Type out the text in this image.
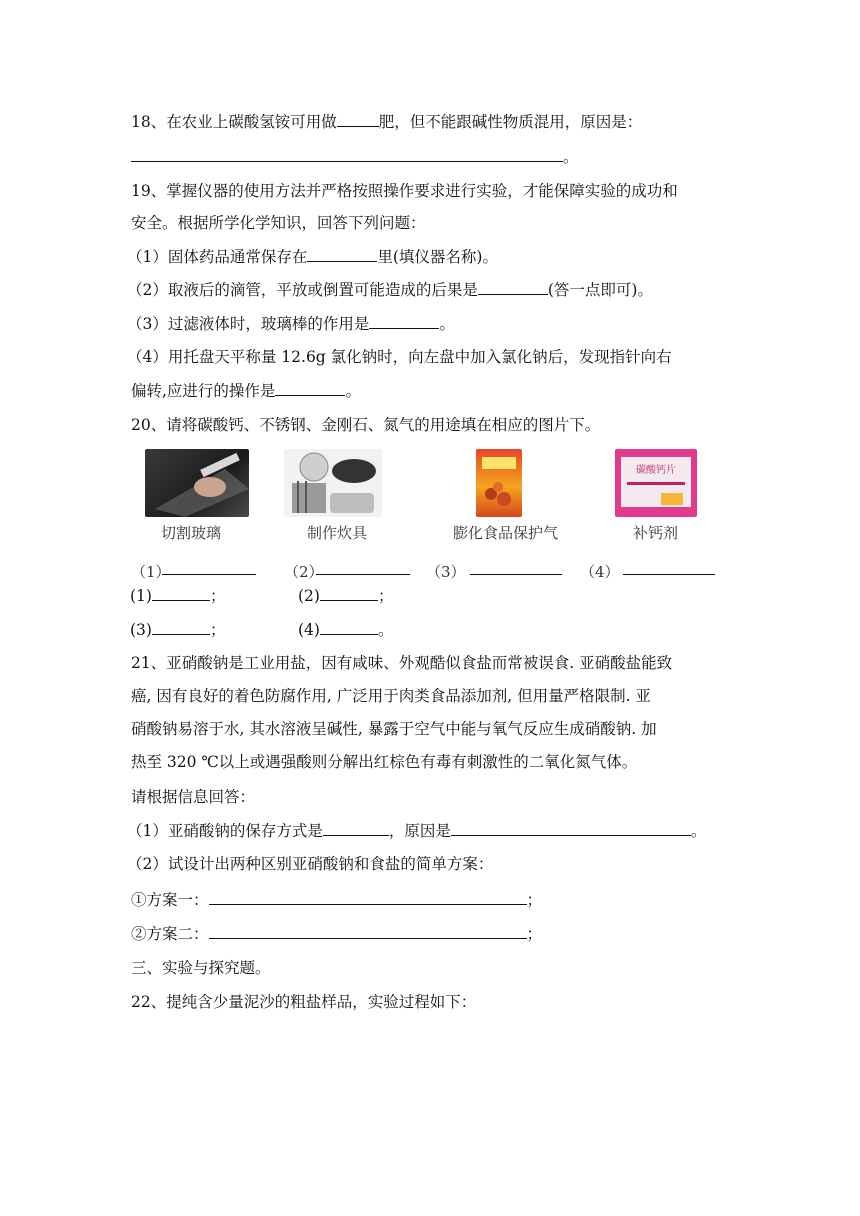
18、在农业上碳酸氢铵可用做	肥，但不能跟碱性物质混用，原因是：
。
19、掌握仪器的使用方法并严格按照操作要求进行实验，才能保障实验的成功和
安全。根据所学化学知识，回答下列问题：
（1）固体药品通常保存在	里(填仪器名称)。
（2）取液后的滴管，平放或倒置可能造成的后果是	(答一点即可)。
（3）过滤液体时，玻璃棒的作用是	。
（4）用托盘天平称量 12.6g 氯化钠时，向左盘中加入氯化钠后，发现指针向右
偏转,应进行的操作是	。
20、请将碳酸钙、不锈钢、金刚石、氮气的用途填在相应的图片下。
碳酸钙片
切割玻璃	制作炊具	膨化食品保护气	补钙剂
（1）	（2）	（3）	（4）
(1)	；	(2)	；
(3)	；	(4)	。
21、亚硝酸钠是工业用盐，因有咸味、外观酷似食盐而常被误食. 亚硝酸盐能致
癌, 因有良好的着色防腐作用, 广泛用于肉类食品添加剂, 但用量严格限制. 亚
硝酸钠易溶于水, 其水溶液呈碱性, 暴露于空气中能与氧气反应生成硝酸钠. 加
热至 320 ℃以上或遇强酸则分解出红棕色有毒有刺激性的二氧化氮气体。
请根据信息回答：
（1）亚硝酸钠的保存方式是	，原因是	。
（2）试设计出两种区别亚硝酸钠和食盐的简单方案：
①方案一：	；
②方案二：	；
三、实验与探究题。
22、提纯含少量泥沙的粗盐样品，实验过程如下：
